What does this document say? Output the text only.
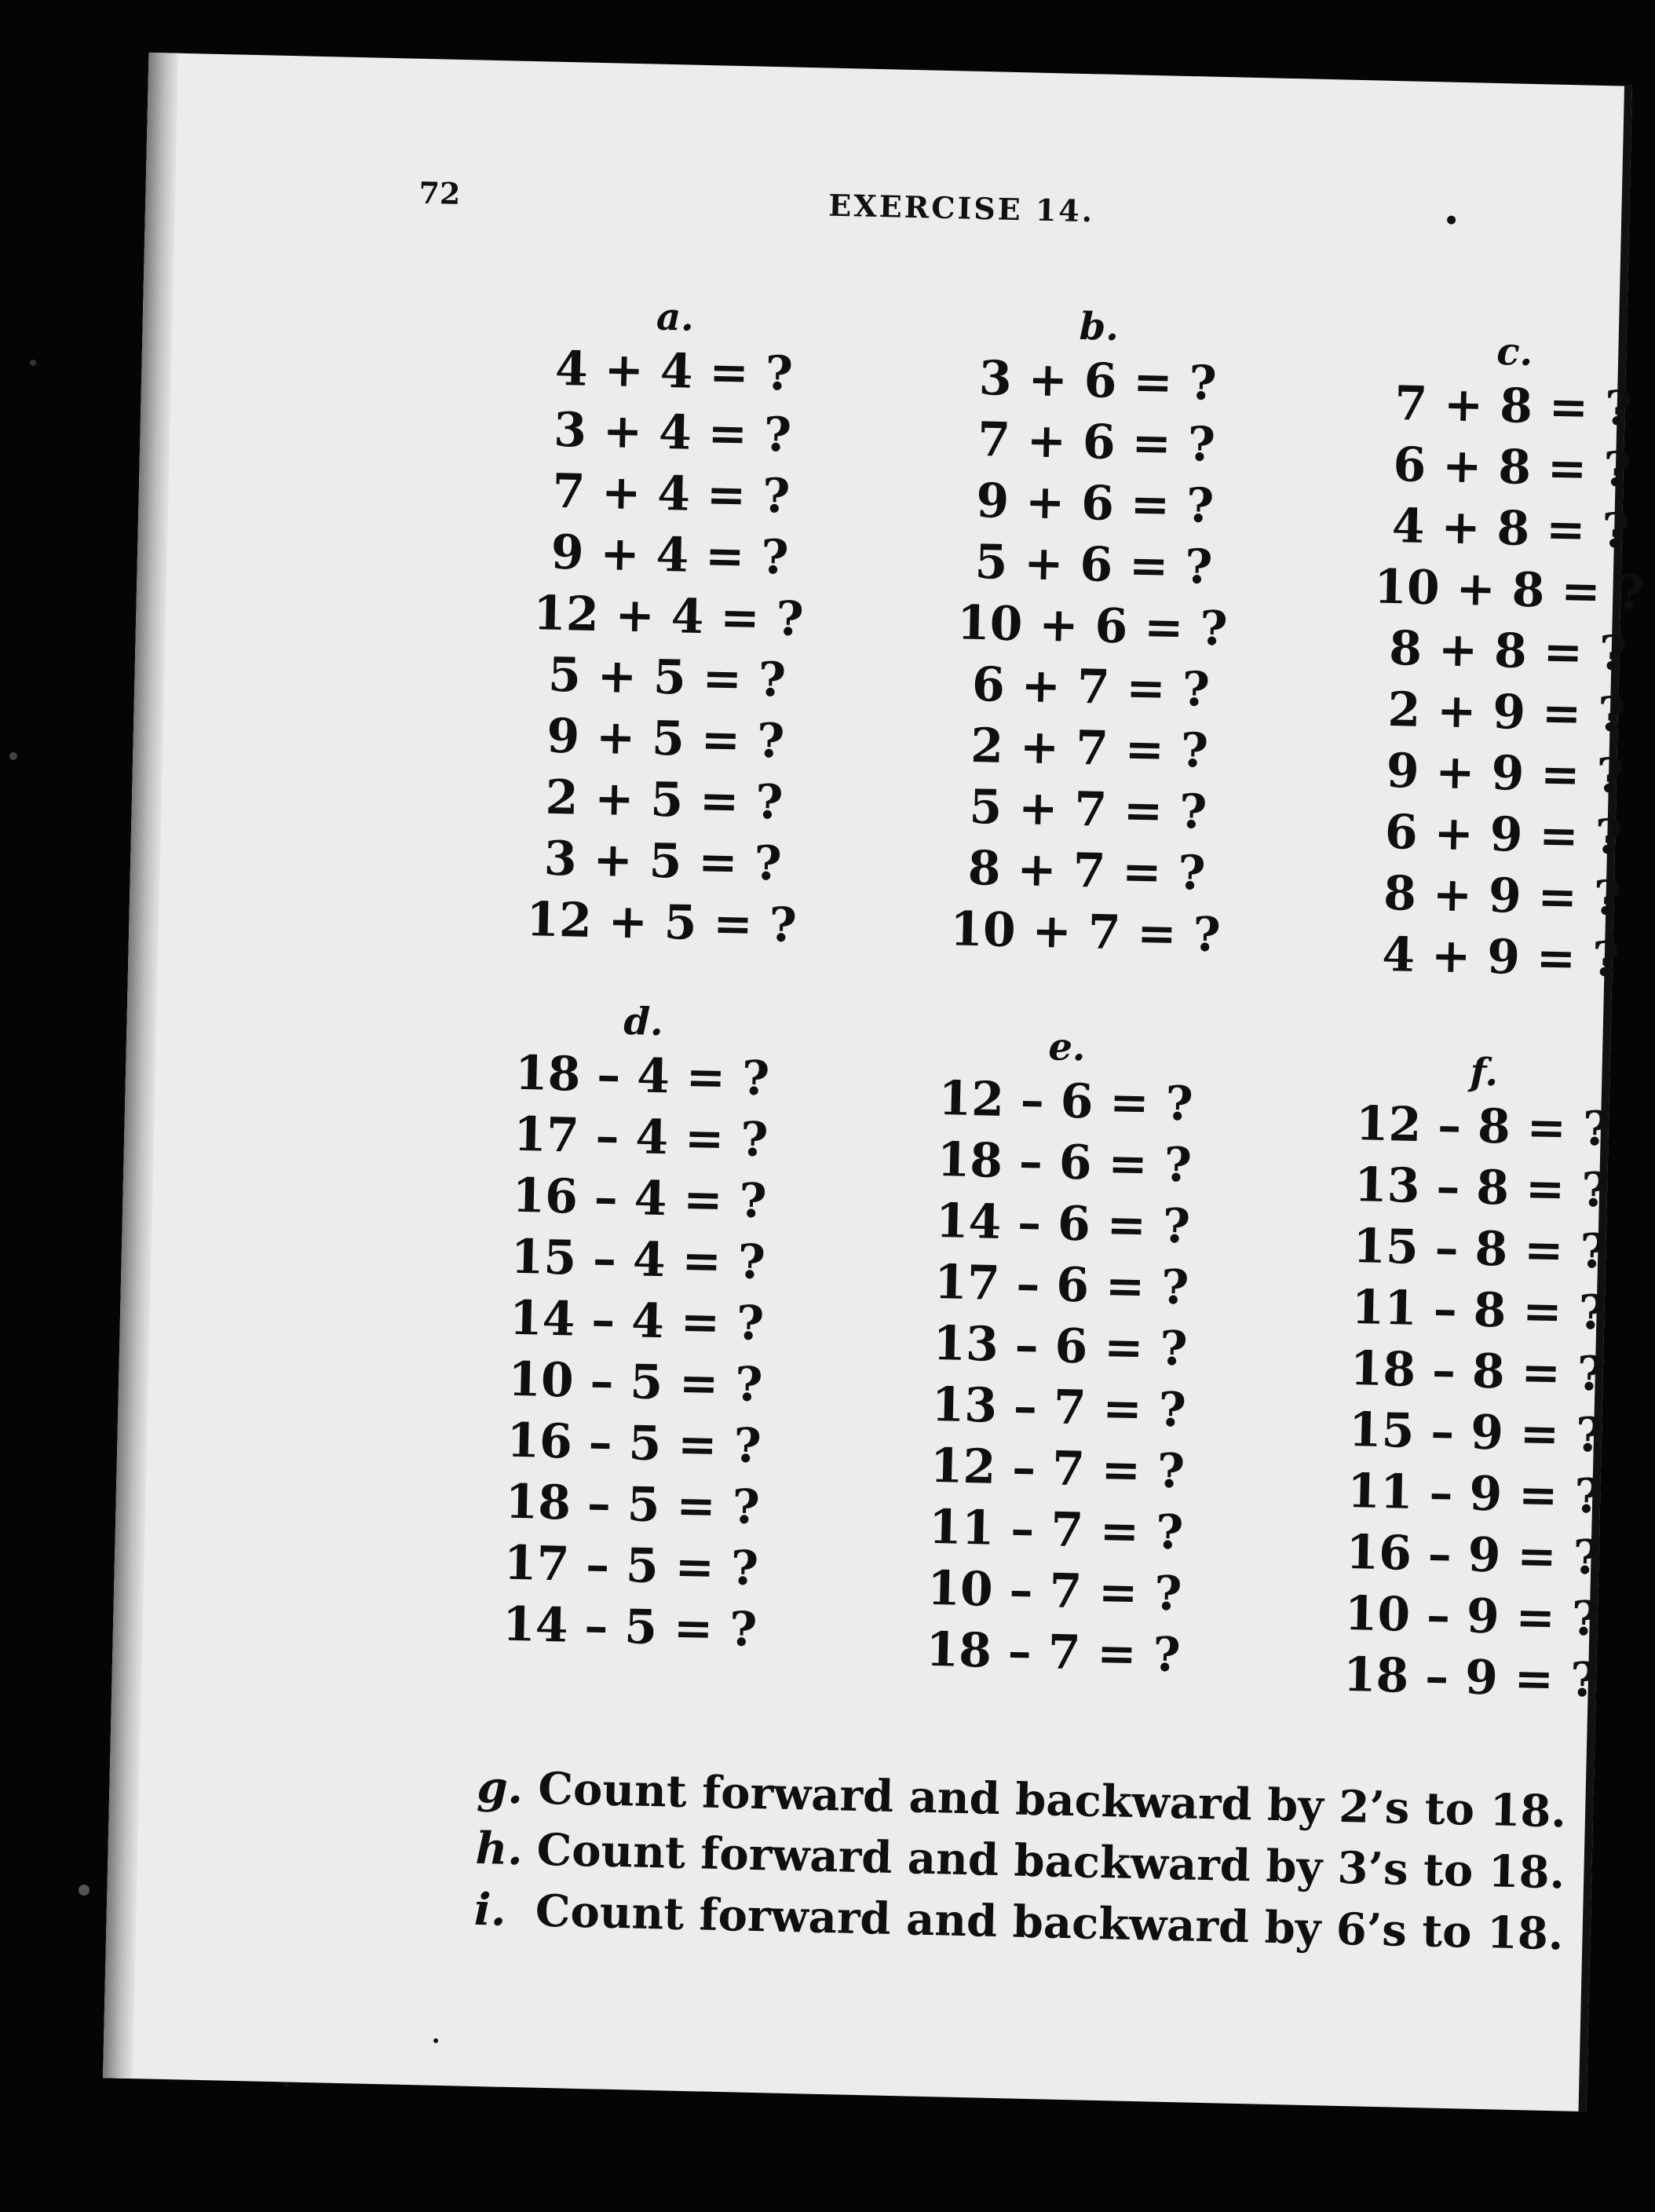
72	EXERCISE 14.
a.
4 + 4 = ?
3 + 4 = ?
7 + 4 = ?
9 + 4 = ?
12 + 4 = ?
5 + 5 = ?
9 + 5 = ?
2 + 5 = ?
3 + 5 = ?
12 + 5 = ?
b.
3 + 6 = ?
7 + 6 = ?
9 + 6 = ?
5 + 6 = ?
10 + 6 = ?
6 + 7 = ?
2 + 7 = ?
5 + 7 = ?
8 + 7 = ?
10 + 7 = ?
c.
7 + 8 = ?
6 + 8 = ?
4 + 8 = ?
10 + 8 = ?
8 + 8 = ?
2 + 9 = ?
9 + 9 = ?
6 + 9 = ?
8 + 9 = ?
4 + 9 = ?
d.
18 – 4 = ?
17 – 4 = ?
16 – 4 = ?
15 – 4 = ?
14 – 4 = ?
10 – 5 = ?
16 – 5 = ?
18 – 5 = ?
17 – 5 = ?
14 – 5 = ?
e.
12 – 6 = ?
18 – 6 = ?
14 – 6 = ?
17 – 6 = ?
13 – 6 = ?
13 – 7 = ?
12 – 7 = ?
11 – 7 = ?
10 – 7 = ?
18 – 7 = ?
f.
12 – 8 = ?
13 – 8 = ?
15 – 8 = ?
11 – 8 = ?
18 – 8 = ?
15 – 9 = ?
11 – 9 = ?
16 – 9 = ?
10 – 9 = ?
18 – 9 = ?
g. Count forward and backward by 2’s to 18.
h. Count forward and backward by 3’s to 18.
i. Count forward and backward by 6’s to 18.
